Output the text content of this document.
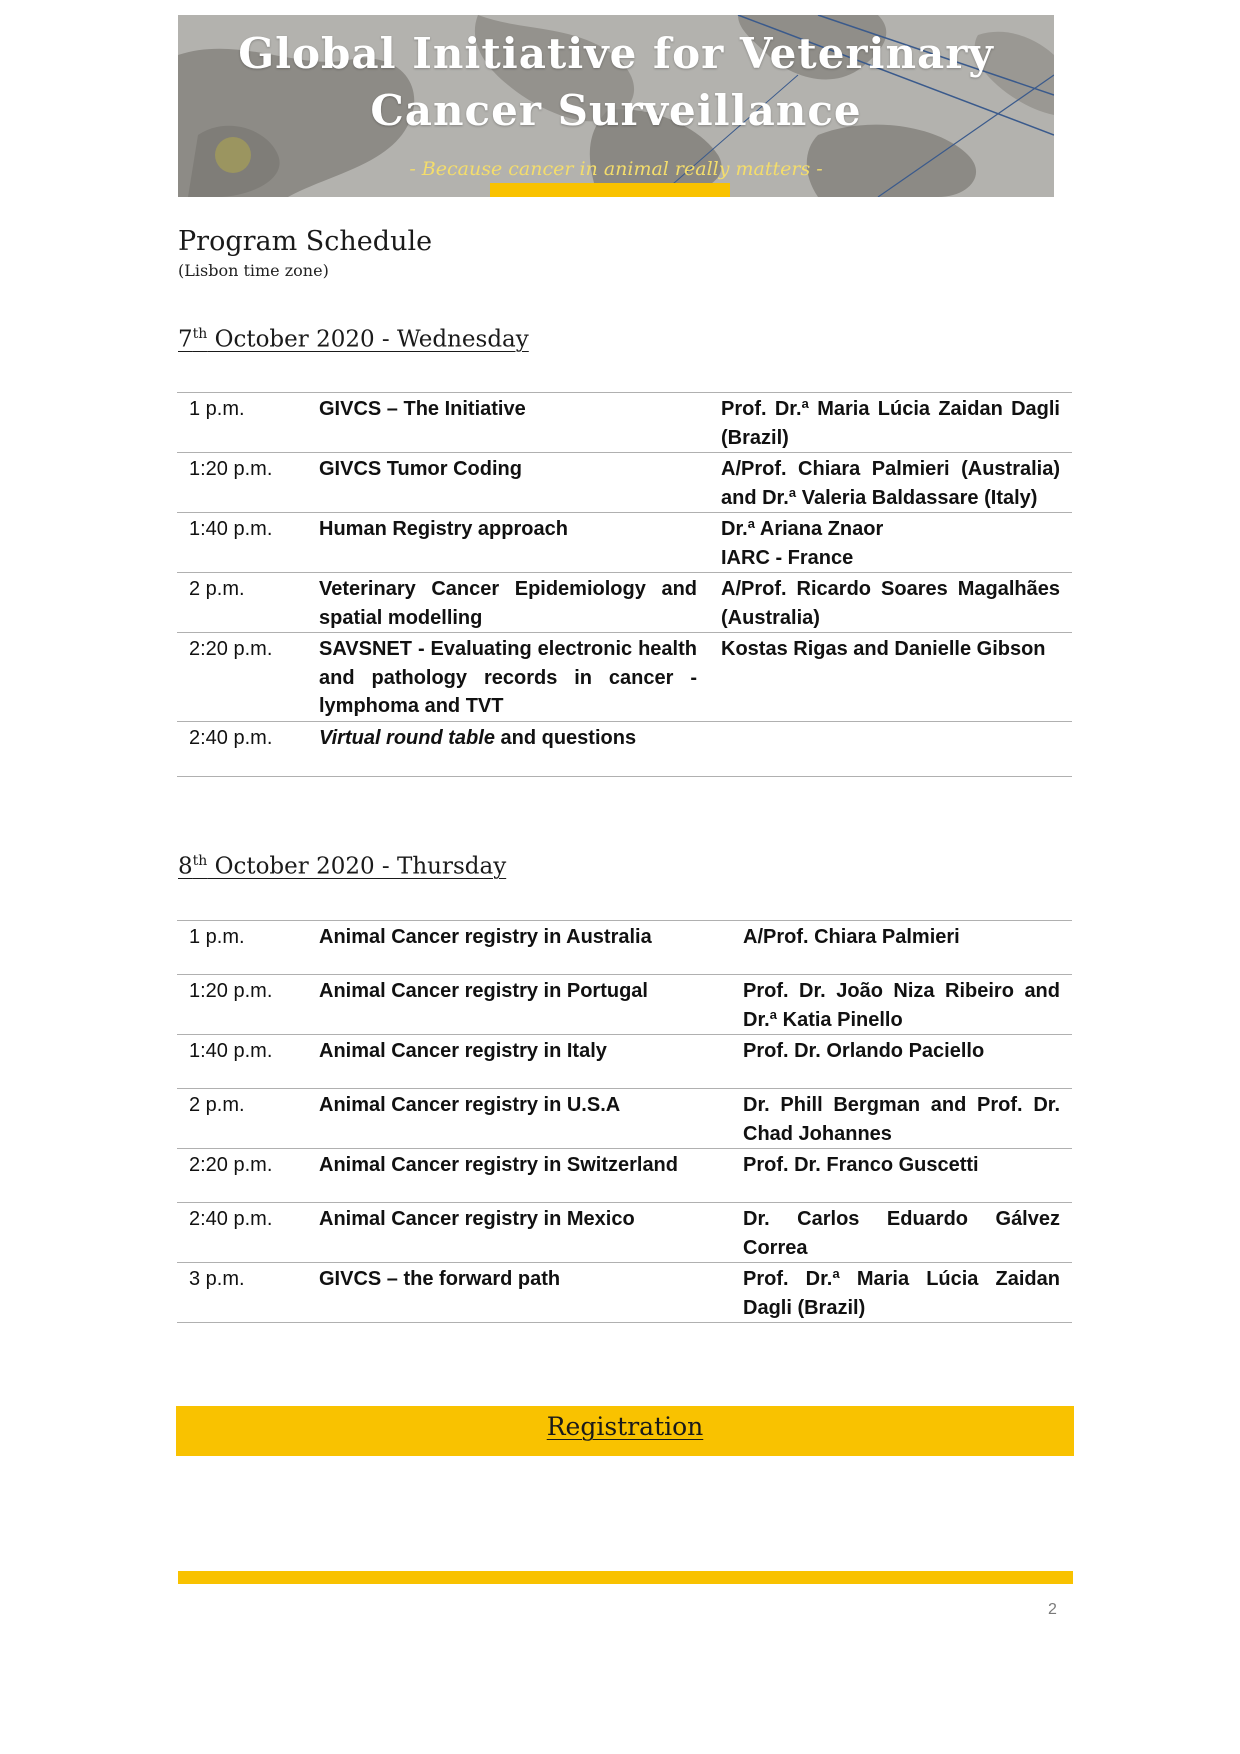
Global Initiative for Veterinary Cancer Surveillance
- Because cancer in animal really matters -
Program Schedule
(Lisbon time zone)
7th October 2020 - Wednesday
1 p.m.	GIVCS – The Initiative	Prof. Dr.ª Maria Lúcia Zaidan Dagli (Brazil)
1:20 p.m.	GIVCS Tumor Coding	A/Prof. Chiara Palmieri (Australia) and Dr.ª Valeria Baldassare (Italy)
1:40 p.m.	Human Registry approach	Dr.ª Ariana Znaor
IARC - France

2 p.m.	Veterinary Cancer Epidemiology and spatial modelling	A/Prof. Ricardo Soares Magalhães (Australia)
2:20 p.m.	SAVSNET - Evaluating electronic health and pathology records in cancer - lymphoma and TVT	Kostas Rigas and Danielle Gibson
2:40 p.m.	Virtual round table and questions	
8th October 2020 - Thursday
1 p.m.	Animal Cancer registry in Australia	A/Prof. Chiara Palmieri
1:20 p.m.	Animal Cancer registry in Portugal	Prof. Dr. João Niza Ribeiro and Dr.ª Katia Pinello
1:40 p.m.	Animal Cancer registry in Italy	Prof. Dr. Orlando Paciello
2 p.m.	Animal Cancer registry in U.S.A	Dr. Phill Bergman and Prof. Dr. Chad Johannes
2:20 p.m.	Animal Cancer registry in Switzerland	Prof. Dr. Franco Guscetti
2:40 p.m.	Animal Cancer registry in Mexico	Dr. Carlos Eduardo Gálvez Correa
3 p.m.	GIVCS – the forward path	Prof. Dr.ª Maria Lúcia Zaidan Dagli (Brazil)
Registration
2
